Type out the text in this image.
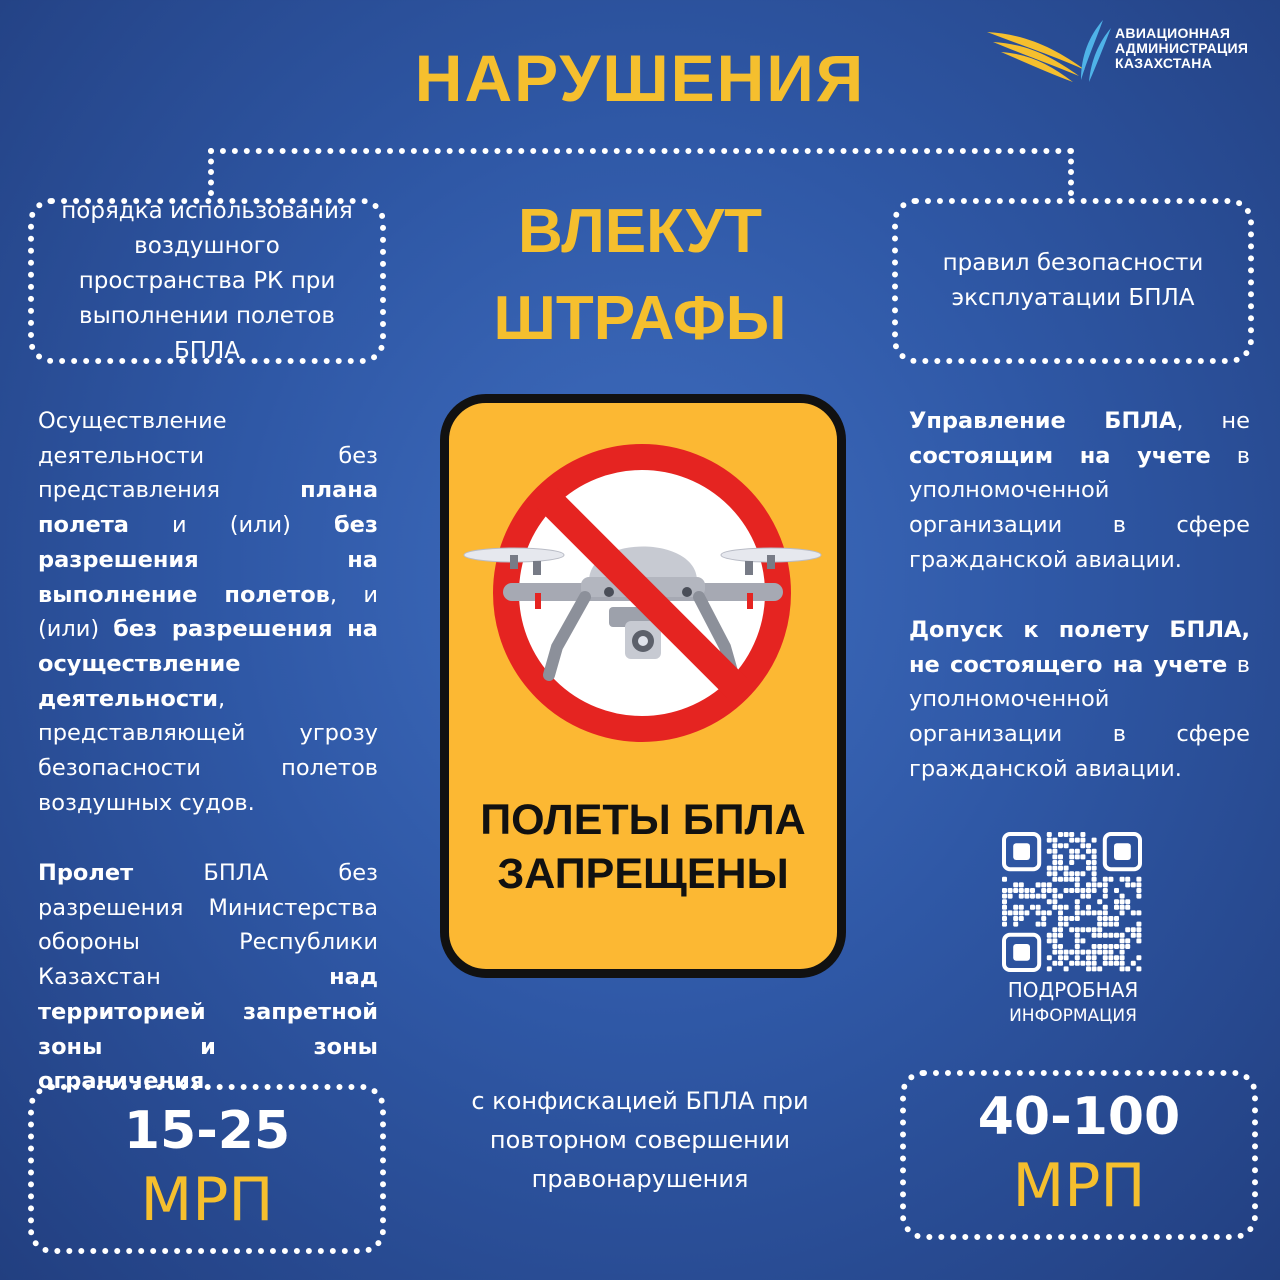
НАРУШЕНИЯ
АВИАЦИОННАЯ
АДМИНИСТРАЦИЯ
КАЗАХСТАНА
порядка использования воздушного пространства РК при выполнении полетов БПЛА
правил безопасности эксплуатации БПЛА
ВЛЕКУТ
ШТРАФЫ
Осуществление деятельности без представления плана полета и (или) без разрешения на выполнение полетов, и (или) без разрешения на осуществление деятельности, представляющей угрозу безопасности полетов воздушных судов.
Пролет БПЛА без разрешения Министерства обороны Республики Казахстан над территорией запретной зоны и зоны ограничения.
Управление БПЛА, не состоящим на учете в уполномоченной организации в сфере гражданской авиации.
Допуск к полету БПЛА, не состоящего на учете в уполномоченной организации в сфере гражданской авиации.
ПОЛЕТЫ БПЛА
ЗАПРЕЩЕНЫ
ПОДРОБНАЯ
ИНФОРМАЦИЯ
15-25
МРП
с конфискацией БПЛА при повторном совершении правонарушения
40-100
МРП
